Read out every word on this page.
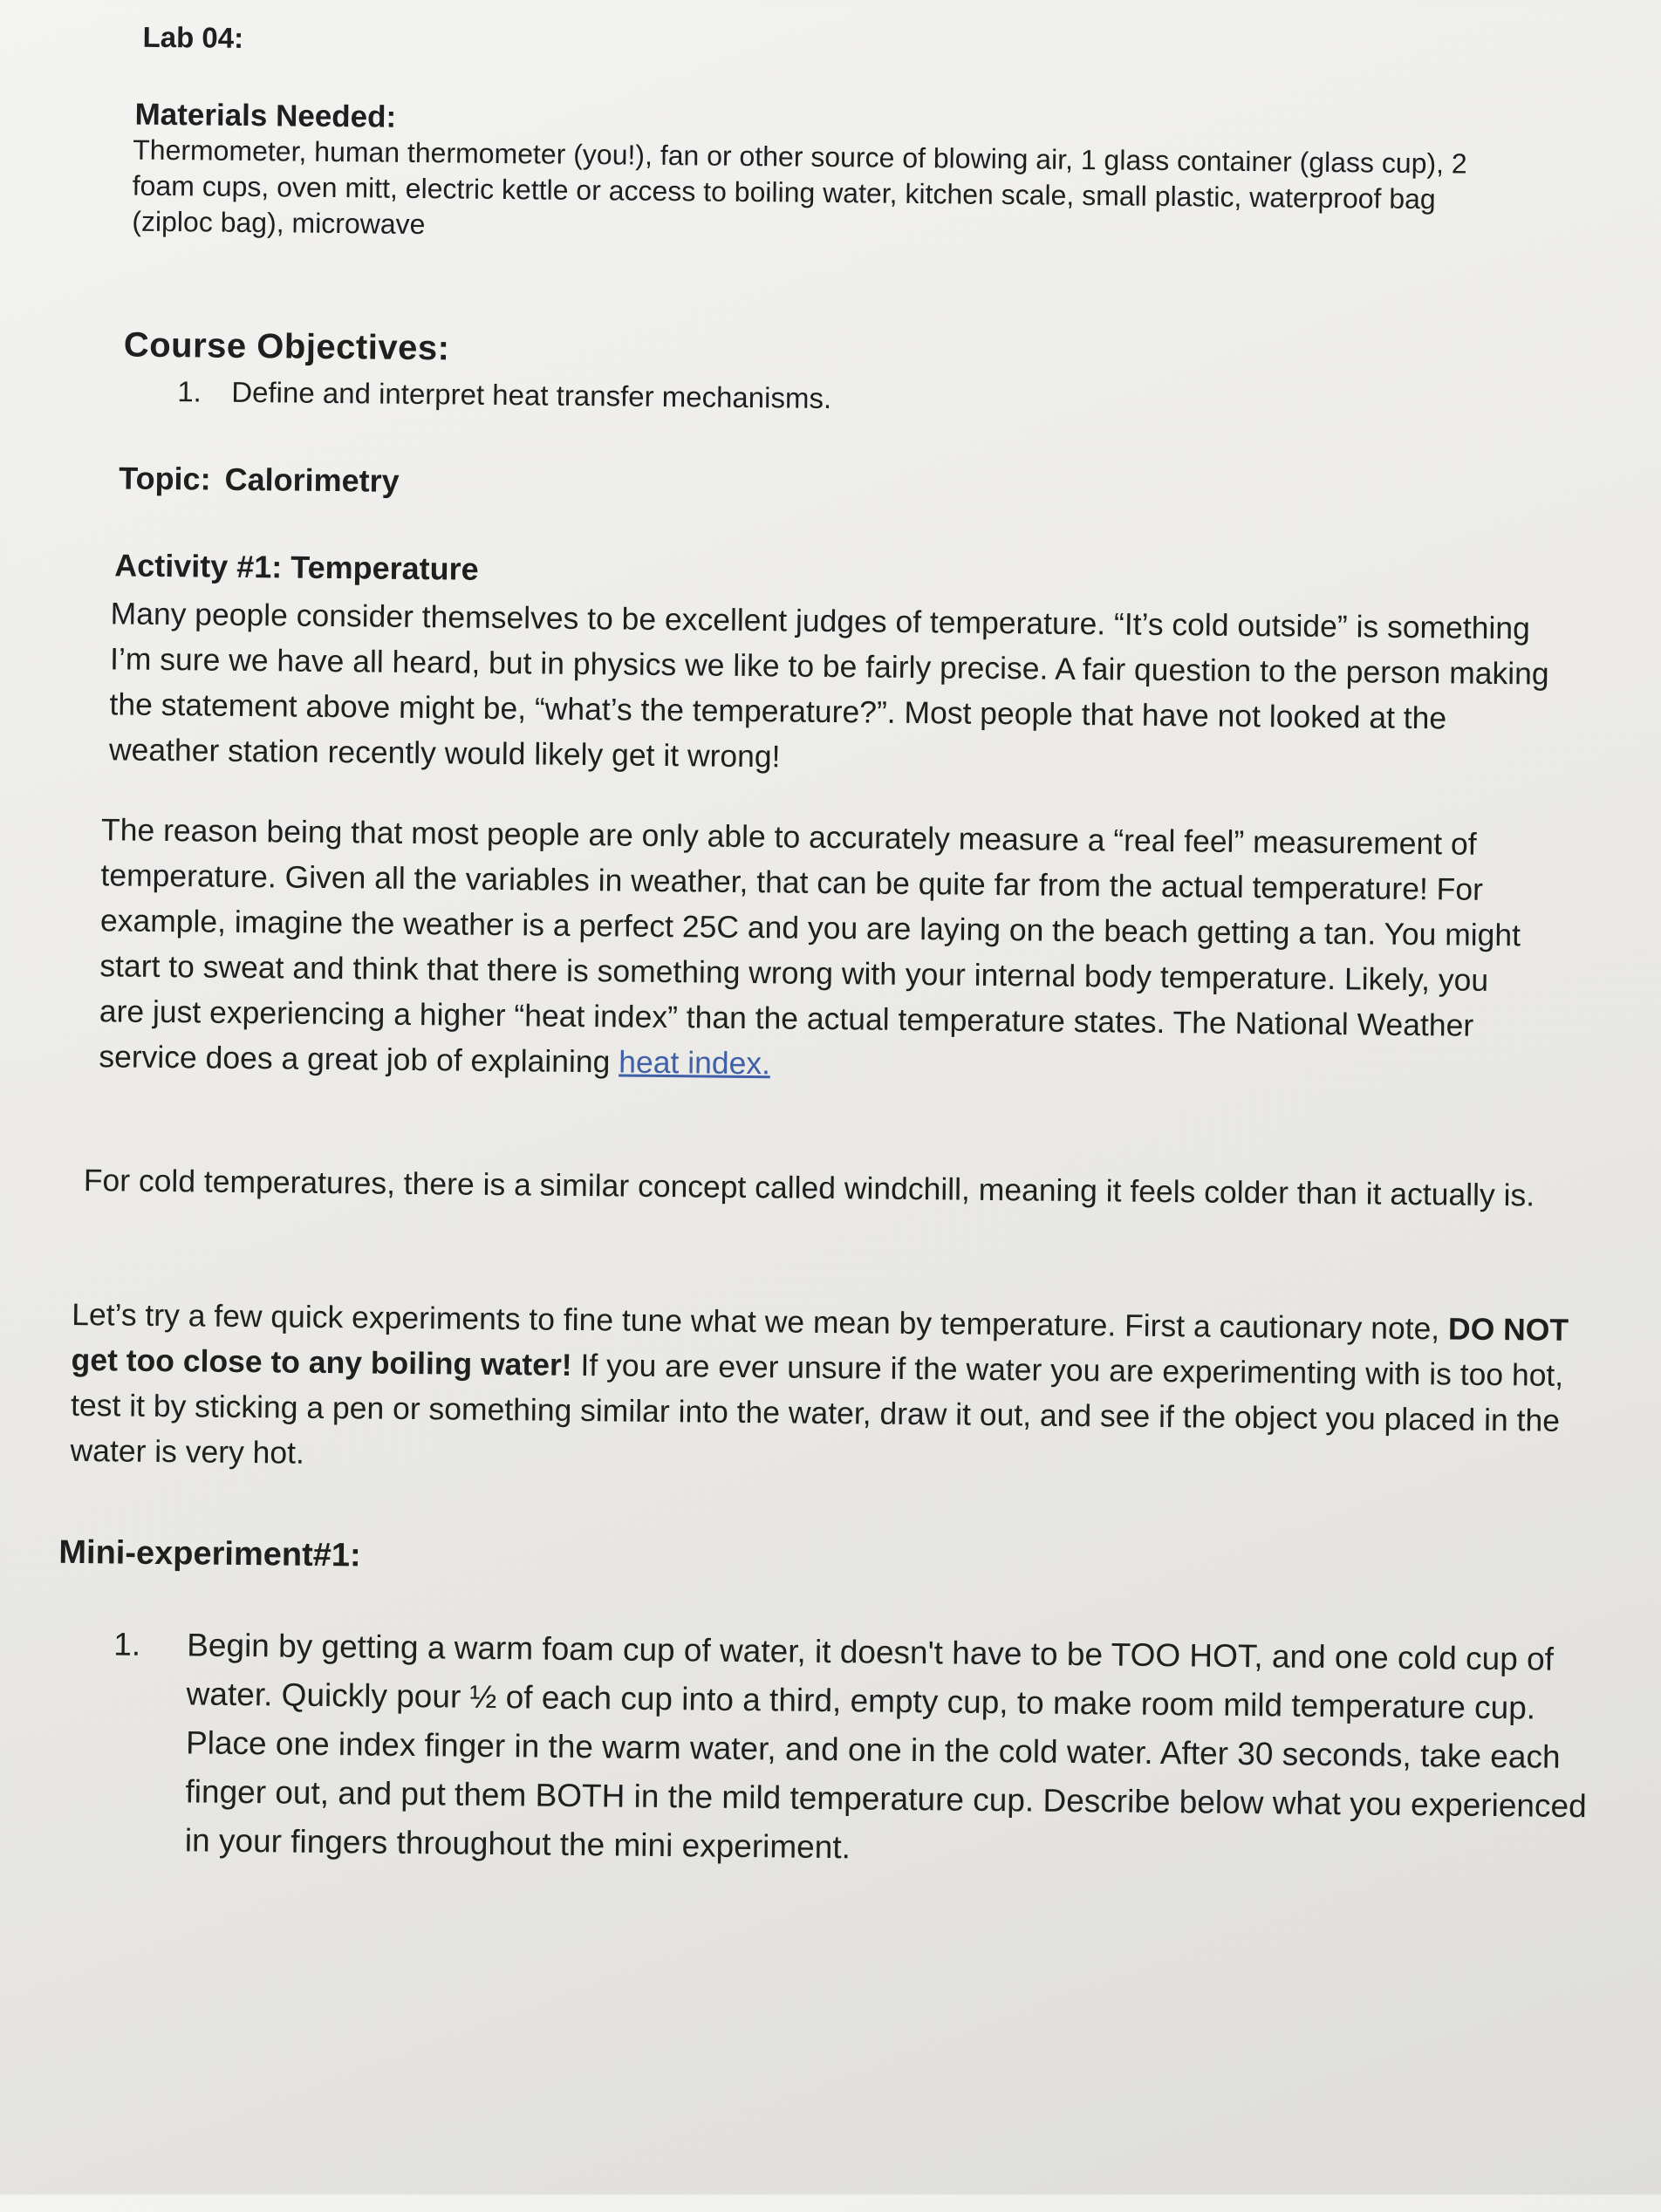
Lab 04:
Materials Needed:
Thermometer, human thermometer (you!), fan or other source of blowing air, 1 glass container (glass cup), 2 foam cups, oven mitt, electric kettle or access to boiling water, kitchen scale, small plastic, waterproof bag (ziploc bag), microwave
Course Objectives:
1. Define and interpret heat transfer mechanisms.
Topic: Calorimetry
Activity #1: Temperature
Many people consider themselves to be excellent judges of temperature. “It’s cold outside” is something I’m sure we have all heard, but in physics we like to be fairly precise. A fair question to the person making the statement above might be, “what’s the temperature?”. Most people that have not looked at the weather station recently would likely get it wrong!
The reason being that most people are only able to accurately measure a “real feel” measurement of temperature. Given all the variables in weather, that can be quite far from the actual temperature! For example, imagine the weather is a perfect 25C and you are laying on the beach getting a tan. You might start to sweat and think that there is something wrong with your internal body temperature. Likely, you are just experiencing a higher “heat index” than the actual temperature states. The National Weather service does a great job of explaining heat index.
For cold temperatures, there is a similar concept called windchill, meaning it feels colder than it actually is.
Let’s try a few quick experiments to fine tune what we mean by temperature. First a cautionary note, DO NOT get too close to any boiling water! If you are ever unsure if the water you are experimenting with is too hot, test it by sticking a pen or something similar into the water, draw it out, and see if the object you placed in the water is very hot.
Mini-experiment#1:
1.	Begin by getting a warm foam cup of water, it doesn't have to be TOO HOT, and one cold cup of water. Quickly pour ½ of each cup into a third, empty cup, to make room mild temperature cup. Place one index finger in the warm water, and one in the cold water. After 30 seconds, take each finger out, and put them BOTH in the mild temperature cup. Describe below what you experienced in your fingers throughout the mini experiment.
